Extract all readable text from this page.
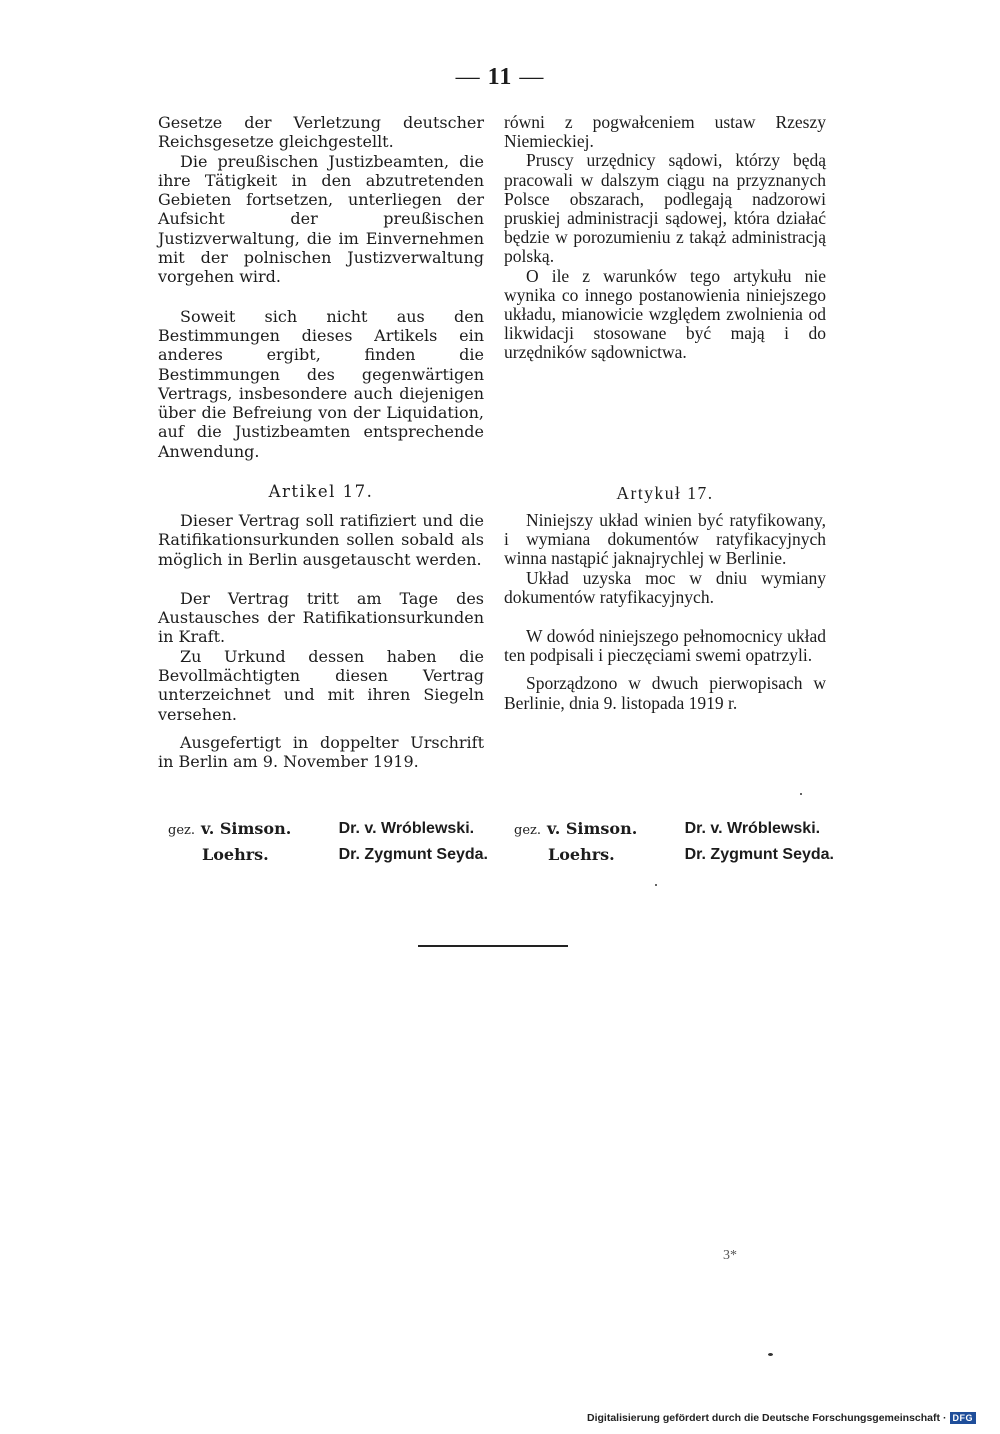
— 11 —

Gesetze der Verletzung deutscher Reichsgesetze gleichgestellt.

Die preußischen Justizbeamten, die ihre Tätigkeit in den abzutretenden Gebieten fortsetzen, unterliegen der Aufsicht der preußischen Justizverwaltung, die im Einvernehmen mit der polnischen Justizverwaltung vorgehen wird.

Soweit sich nicht aus den Bestimmungen dieses Artikels ein anderes ergibt, finden die Bestimmungen des gegenwärtigen Vertrags, insbesondere auch diejenigen über die Befreiung von der Liquidation, auf die Justizbeamten entsprechende Anwendung.

równi z pogwałceniem ustaw Rzeszy Niemieckiej.

Pruscy urzędnicy sądowi, którzy będą pracowali w dalszym ciągu na przyznanych Polsce obszarach, podlegają nadzorowi pruskiej administracji sądowej, która działać będzie w porozumieniu z takąż administracją polską.

O ile z warunków tego artykułu nie wynika co innego postanowienia niniejszego układu, mianowicie względem zwolnienia od likwidacji stosowane być mają i do urzędników sądownictwa.

Artikel 17.	Artykuł 17.

Dieser Vertrag soll ratifiziert und die Ratifikationsurkunden sollen sobald als möglich in Berlin ausgetauscht werden.

Der Vertrag tritt am Tage des Austausches der Ratifikationsurkunden in Kraft.

Zu Urkund dessen haben die Bevollmächtigten diesen Vertrag unterzeichnet und mit ihren Siegeln versehen.

Ausgefertigt in doppelter Urschrift in Berlin am 9. November 1919.

Niniejszy układ winien być ratyfikowany, i wymiana dokumentów ratyfikacyjnych winna nastąpić jaknajrychlej w Berlinie.

Układ uzyska moc w dniu wymiany dokumentów ratyfikacyjnych.

W dowód niniejszego pełnomocnicy układ ten podpisali i pieczęciami swemi opatrzyli.

Sporządzono w dwuch pierwopisach w Berlinie, dnia 9. listopada 1919 r.

gez. v. Simson.	Dr. v. Wróblewski.
Loehrs.	Dr. Zygmunt Seyda.
gez. v. Simson.	Dr. v. Wróblewski.
Loehrs.	Dr. Zygmunt Seyda.
3*
Digitalisierung gefördert durch die Deutsche Forschungsgemeinschaft · DFG
